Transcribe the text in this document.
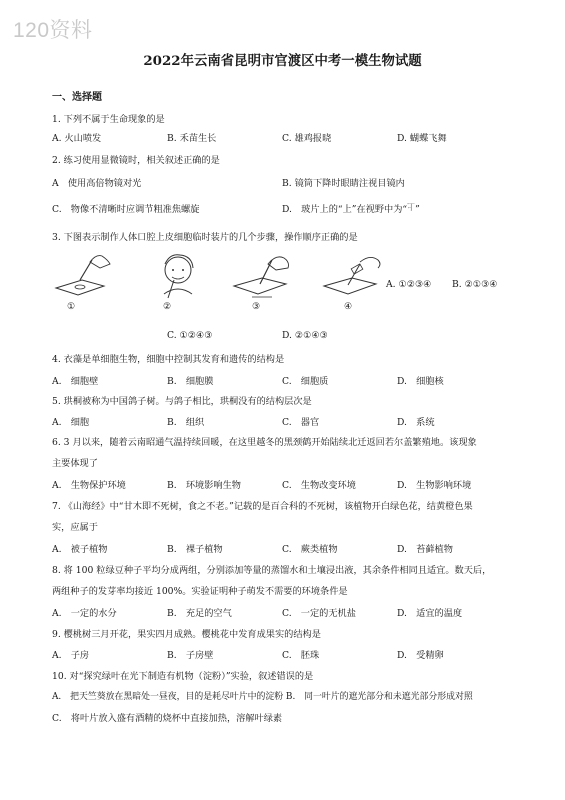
120资料
2022年云南省昆明市官渡区中考一模生物试题
一、选择题
1. 下列不属于生命现象的是
A. 火山喷发	B. 禾苗生长	C. 雄鸡报晓	D. 蝴蝶飞舞
2. 练习使用显微镜时，相关叙述正确的是
A　使用高倍物镜对光	B. 镜筒下降时眼睛注视目镜内
C.　物像不清晰时应调节粗准焦螺旋	D.　玻片上的“上”在视野中为“上”
3. 下图表示制作人体口腔上皮细胞临时装片的几个步骤，操作顺序正确的是
①	②	③	④
A. ①②③④ B. ②①③④
C. ①②④③	D. ②①④③
4. 衣藻是单细胞生物，细胞中控制其发育和遗传的结构是
A.　细胞壁	B.　细胞膜	C.　细胞质	D.　细胞核
5. 珙桐被称为中国鸽子树。与鸽子相比，珙桐没有的结构层次是
A.　细胞	B.　组织	C.　器官	D.　系统
6. 3 月以来，随着云南昭通气温持续回暖，在这里越冬的黑颈鹤开始陆续北迁返回若尔盖繁殖地。该现象
主要体现了
A.　生物保护环境	B.　环境影响生物	C.　生物改变环境	D.　生物影响环境
7. 《山海经》中“甘木即不死树，食之不老。”记载的是百合科的不死树，该植物开白绿色花，结黄橙色果
实，应属于
A.　被子植物	B.　裸子植物	C.　蕨类植物	D.　苔藓植物
8. 将 100 粒绿豆种子平均分成两组，分别添加等量的蒸馏水和土壤浸出液，其余条件相同且适宜。数天后，
两组种子的发芽率均接近 100%。实验证明种子萌发不需要的环境条件是
A.　一定的水分	B.　充足的空气	C.　一定的无机盐	D.　适宜的温度
9. 樱桃树三月开花，果实四月成熟。樱桃花中发育成果实的结构是
A.　子房	B.　子房壁	C.　胚珠	D.　受精卵
10. 对“探究绿叶在光下制造有机物（淀粉）”实验，叙述错误的是
A.　把天竺葵放在黑暗处一昼夜，目的是耗尽叶片中的淀粉 B.　同一叶片的遮光部分和未遮光部分形成对照
C.　将叶片放入盛有酒精的烧杯中直接加热，溶解叶绿素
